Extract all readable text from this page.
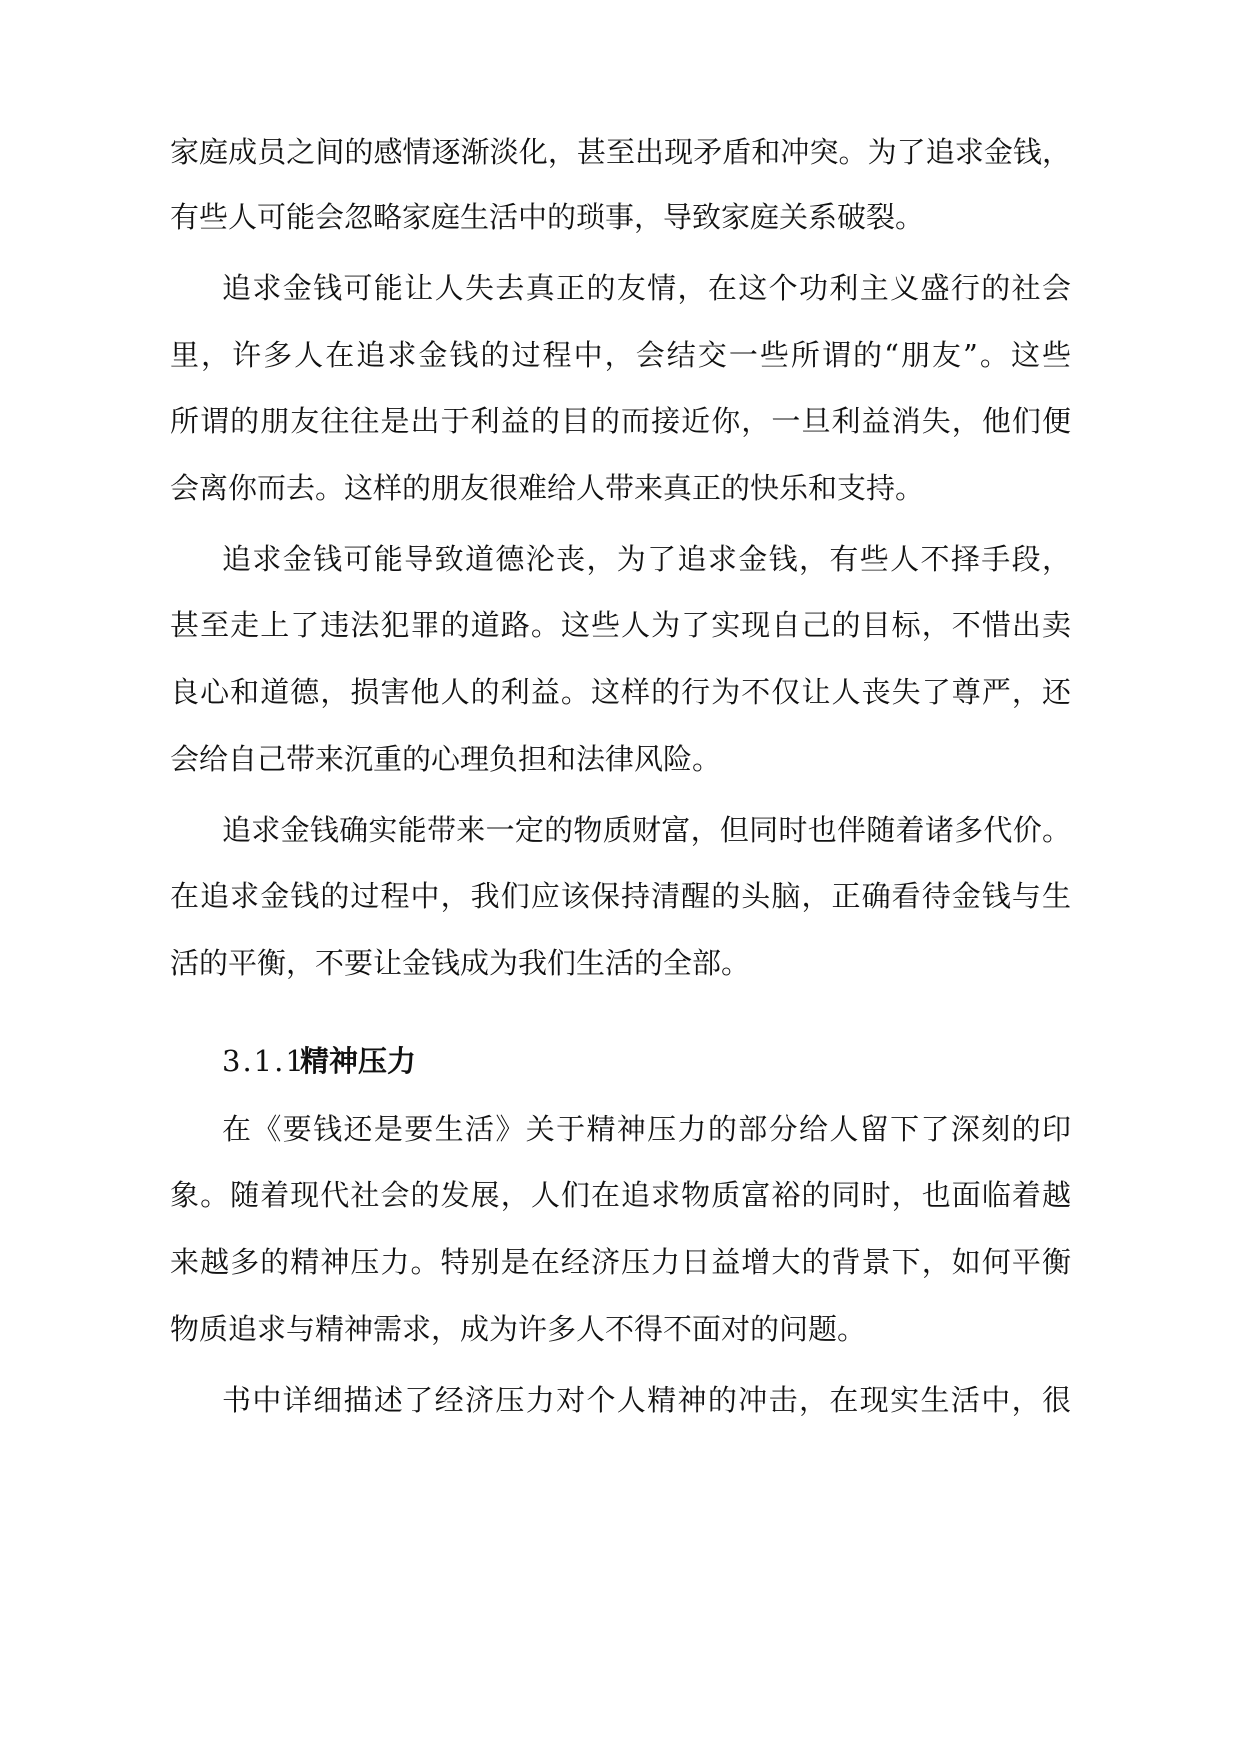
家庭成员之间的感情逐渐淡化，甚至出现矛盾和冲突。为了追求金钱，
有些人可能会忽略家庭生活中的琐事，导致家庭关系破裂。
追求金钱可能让人失去真正的友情，在这个功利主义盛行的社会
里，许多人在追求金钱的过程中，会结交一些所谓的“朋友”。这些
所谓的朋友往往是出于利益的目的而接近你，一旦利益消失，他们便
会离你而去。这样的朋友很难给人带来真正的快乐和支持。
追求金钱可能导致道德沦丧，为了追求金钱，有些人不择手段，
甚至走上了违法犯罪的道路。这些人为了实现自己的目标，不惜出卖
良心和道德，损害他人的利益。这样的行为不仅让人丧失了尊严，还
会给自己带来沉重的心理负担和法律风险。
追求金钱确实能带来一定的物质财富，但同时也伴随着诸多代价。
在追求金钱的过程中，我们应该保持清醒的头脑，正确看待金钱与生
活的平衡，不要让金钱成为我们生活的全部。
3.1.1
精神压力
在《要钱还是要生活》关于精神压力的部分给人留下了深刻的印
象。随着现代社会的发展，人们在追求物质富裕的同时，也面临着越
来越多的精神压力。特别是在经济压力日益增大的背景下，如何平衡
物质追求与精神需求，成为许多人不得不面对的问题。
书中详细描述了经济压力对个人精神的冲击，在现实生活中，很
